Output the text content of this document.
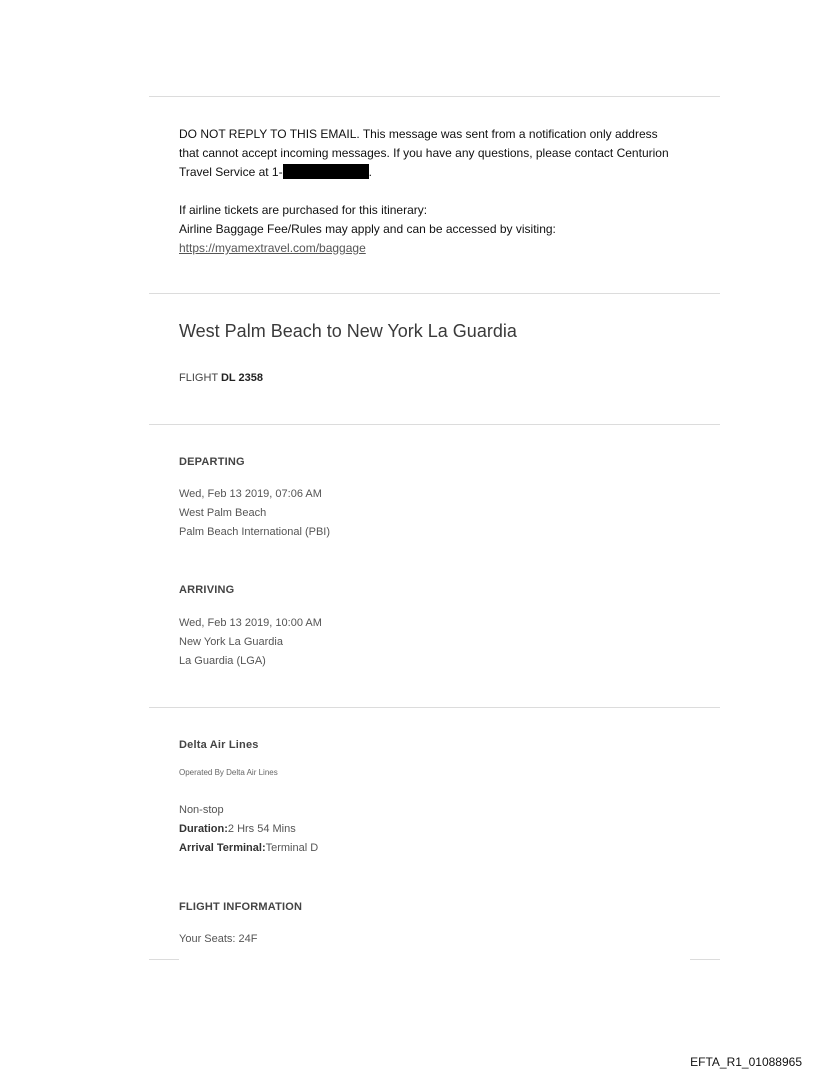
DO NOT REPLY TO THIS EMAIL. This message was sent from a notification only address
that cannot accept incoming messages. If you have any questions, please contact Centurion
Travel Service at 1-	.
If airline tickets are purchased for this itinerary:
Airline Baggage Fee/Rules may apply and can be accessed by visiting:
https://myamextravel.com/baggage
West Palm Beach to New York La Guardia
FLIGHT DL 2358
DEPARTING
Wed, Feb 13 2019, 07:06 AM
West Palm Beach
Palm Beach International (PBI)
ARRIVING
Wed, Feb 13 2019, 10:00 AM
New York La Guardia
La Guardia (LGA)
Delta Air Lines
Operated By Delta Air Lines
Non-stop
Duration:2 Hrs 54 Mins
Arrival Terminal:Terminal D
FLIGHT INFORMATION
Your Seats: 24F
EFTA_R1_01088965
